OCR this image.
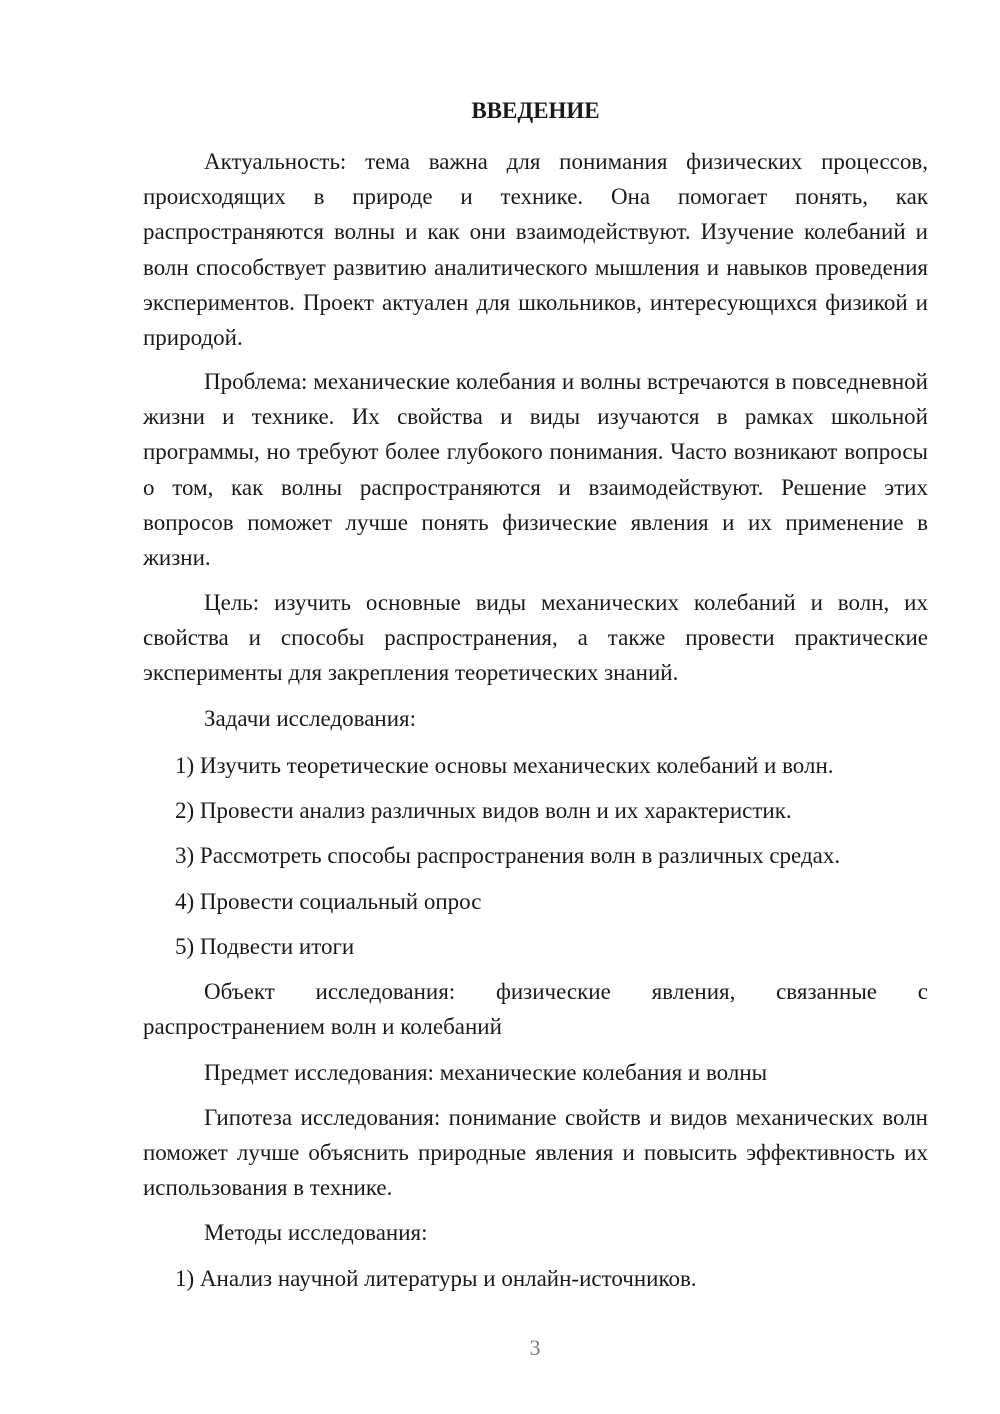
ВВЕДЕНИЕ

Актуальность: тема важна для понимания физических процессов, происходящих в природе и технике. Она помогает понять, как распространяются волны и как они взаимодействуют. Изучение колебаний и волн способствует развитию аналитического мышления и навыков проведения экспериментов. Проект актуален для школьников, интересующихся физикой и природой.

Проблема: механические колебания и волны встречаются в повседневной жизни и технике. Их свойства и виды изучаются в рамках школьной программы, но требуют более глубокого понимания. Часто возникают вопросы о том, как волны распространяются и взаимодействуют. Решение этих вопросов поможет лучше понять физические явления и их применение в жизни.

Цель: изучить основные виды механических колебаний и волн, их свойства и способы распространения, а также провести практические эксперименты для закрепления теоретических знаний.

Задачи исследования:

1) Изучить теоретические основы механических колебаний и волн.

2) Провести анализ различных видов волн и их характеристик.

3) Рассмотреть способы распространения волн в различных средах.

4) Провести социальный опрос

5) Подвести итоги

Объект исследования: физические явления, связанные с распространением волн и колебаний

Предмет исследования: механические колебания и волны

Гипотеза исследования: понимание свойств и видов механических волн поможет лучше объяснить природные явления и повысить эффективность их использования в технике.

Методы исследования:

1) Анализ научной литературы и онлайн-источников.

3
